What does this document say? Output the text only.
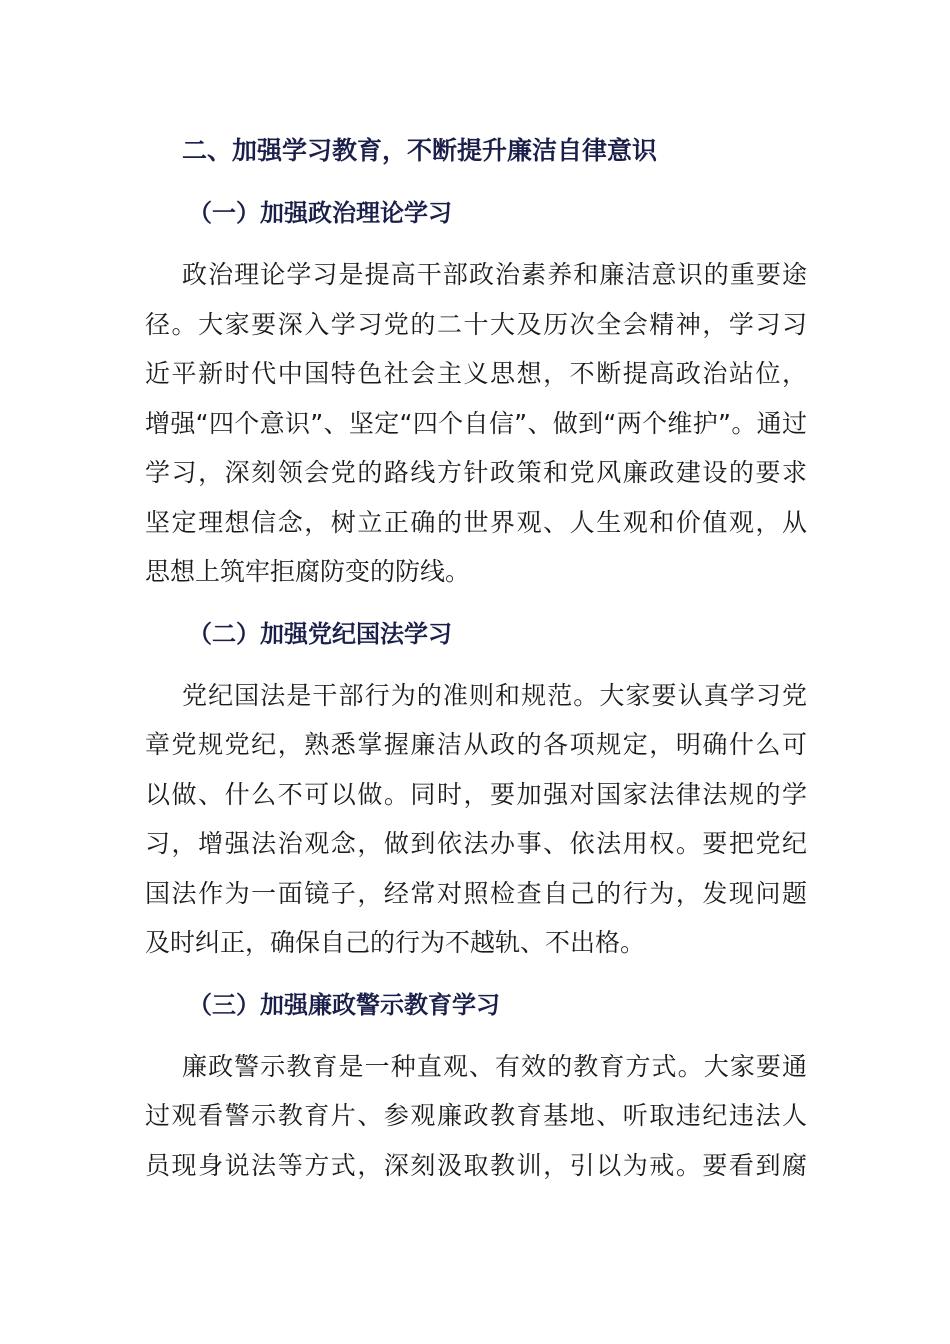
二、加强学习教育，不断提升廉洁自律意识
（一）加强政治理论学习
政治理论学习是提高干部政治素养和廉洁意识的重要途
径。大家要深入学习党的二十大及历次全会精神，学习习
近平新时代中国特色社会主义思想，不断提高政治站位，
增强“四个意识”、坚定“四个自信”、做到“两个维护”。通过
学习，深刻领会党的路线方针政策和党风廉政建设的要求
坚定理想信念，树立正确的世界观、人生观和价值观，从
思想上筑牢拒腐防变的防线。
（二）加强党纪国法学习
党纪国法是干部行为的准则和规范。大家要认真学习党
章党规党纪，熟悉掌握廉洁从政的各项规定，明确什么可
以做、什么不可以做。同时，要加强对国家法律法规的学
习，增强法治观念，做到依法办事、依法用权。要把党纪
国法作为一面镜子，经常对照检查自己的行为，发现问题
及时纠正，确保自己的行为不越轨、不出格。
（三）加强廉政警示教育学习
廉政警示教育是一种直观、有效的教育方式。大家要通
过观看警示教育片、参观廉政教育基地、听取违纪违法人
员现身说法等方式，深刻汲取教训，引以为戒。要看到腐
